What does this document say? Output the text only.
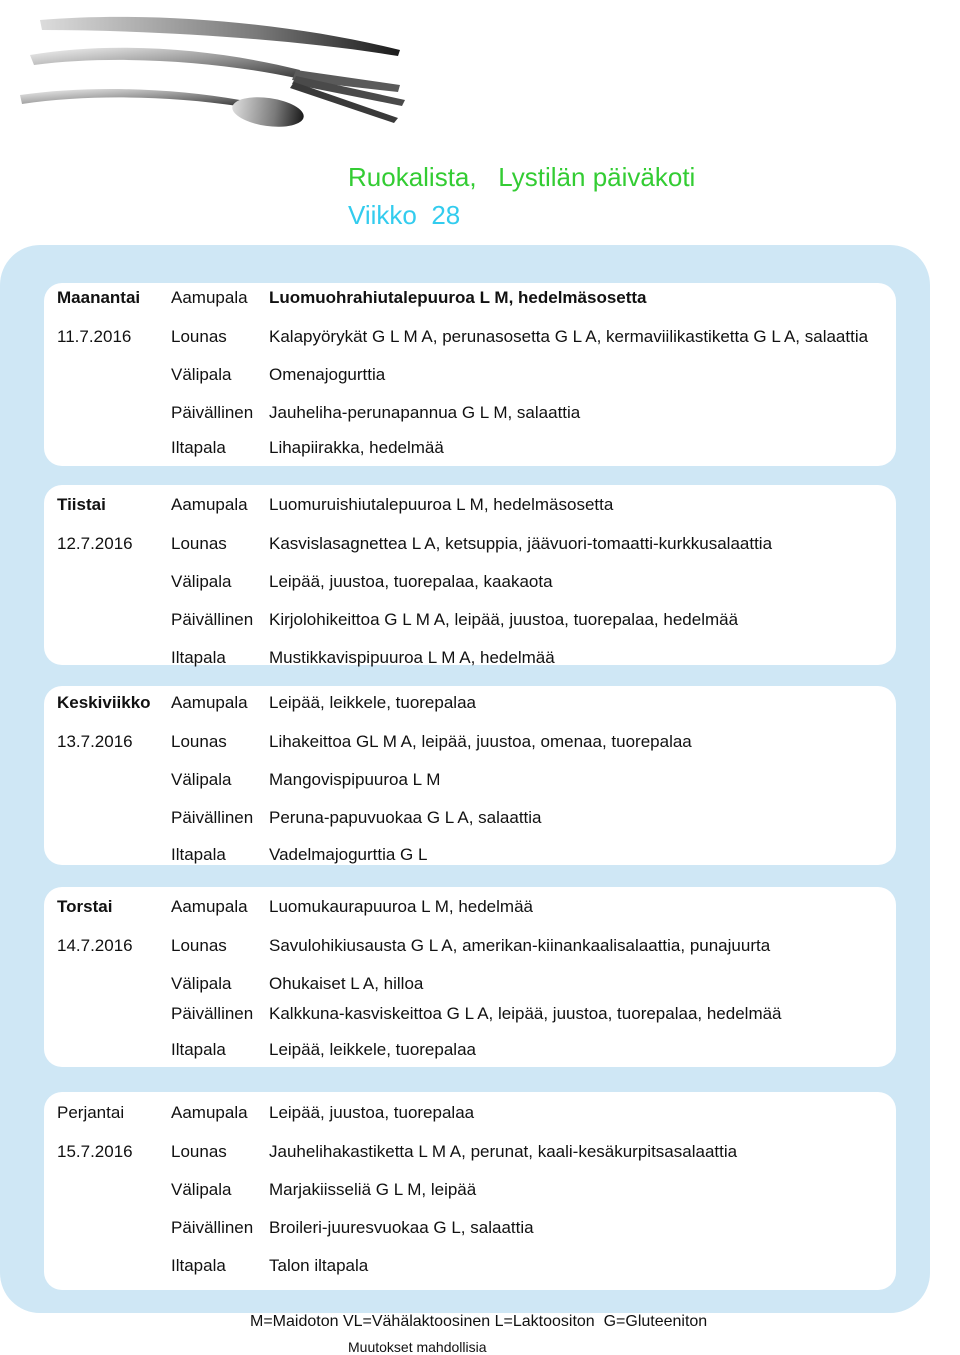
Ruokalista,   Lystilän päiväkoti
Viikko  28
Maanantai
11.7.2016
Aamupala Luomuohrahiutalepuuroa L M, hedelmäsosetta
Lounas Kalapyörykät G L M A, perunasosetta G L A, kermaviilikastiketta G L A, salaattia
Välipala Omenajogurttia
Päivällinen Jauheliha-perunapannua G L M, salaattia
Iltapala	Lihapiirakka, hedelmää
Tiistai
12.7.2016
Aamupala Luomuruishiutalepuuroa L M, hedelmäsosetta
Lounas Kasvislasagnettea L A, ketsuppia, jäävuori-tomaatti-kurkkusalaattia
Välipala Leipää, juustoa, tuorepalaa, kaakaota
Päivällinen Kirjolohikeittoa G L M A, leipää, juustoa, tuorepalaa, hedelmää
Iltapala	Mustikkavispipuuroa L M A, hedelmää
Keskiviikko
13.7.2016
Aamupala Leipää, leikkele, tuorepalaa
Lounas Lihakeittoa GL M A, leipää, juustoa, omenaa, tuorepalaa
Välipala Mangovispipuuroa L M
Päivällinen Peruna-papuvuokaa G L A, salaattia
Iltapala	Vadelmajogurttia G L
Torstai
14.7.2016
Aamupala Luomukaurapuuroa L M, hedelmää
Lounas Savulohikiusausta G L A, amerikan-kiinankaalisalaattia, punajuurta
Välipala Ohukaiset L A, hilloa
Päivällinen Kalkkuna-kasviskeittoa G L A, leipää, juustoa, tuorepalaa, hedelmää
Iltapala	Leipää, leikkele, tuorepalaa
Perjantai
15.7.2016
Aamupala Leipää, juustoa, tuorepalaa
Lounas Jauhelihakastiketta L M A, perunat, kaali-kesäkurpitsasalaattia
Välipala Marjakiisseliä G L M, leipää
Päivällinen Broileri-juuresvuokaa G L, salaattia
Iltapala	Talon iltapala
M=Maidoton VL=Vähälaktoosinen L=Laktoositon  G=Gluteeniton
Muutokset mahdollisia
